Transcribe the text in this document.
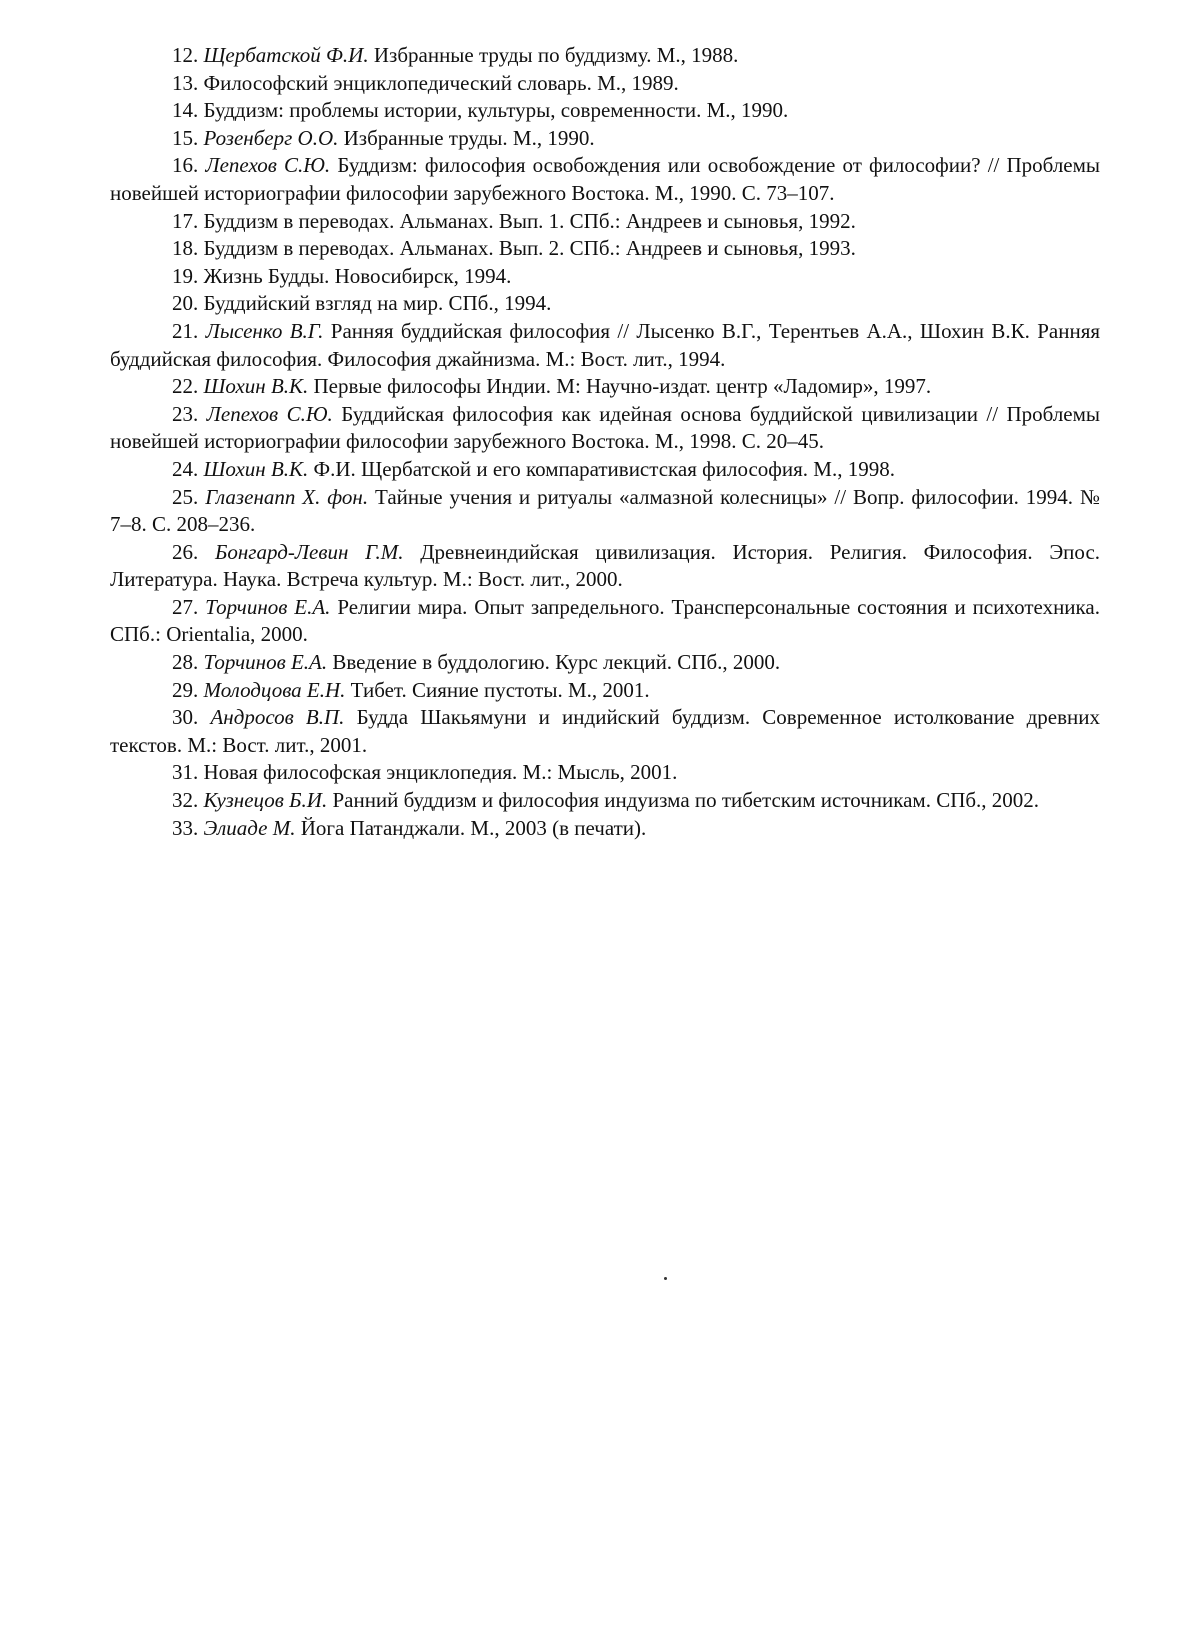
12. Щербатской Ф.И. Избранные труды по буддизму. М., 1988.

13. Философский энциклопедический словарь. М., 1989.

14. Буддизм: проблемы истории, культуры, современности. М., 1990.

15. Розенберг О.О. Избранные труды. М., 1990.

16. Лепехов С.Ю. Буддизм: философия освобождения или освобождение от философии? // Проблемы новейшей историографии философии зарубежного Востока. М., 1990. С. 73–107.

17. Буддизм в переводах. Альманах. Вып. 1. СПб.: Андреев и сыновья, 1992.

18. Буддизм в переводах. Альманах. Вып. 2. СПб.: Андреев и сыновья, 1993.

19. Жизнь Будды. Новосибирск, 1994.

20. Буддийский взгляд на мир. СПб., 1994.

21. Лысенко В.Г. Ранняя буддийская философия // Лысенко В.Г., Терентьев А.А., Шохин В.К. Ранняя буддийская философия. Философия джайнизма. М.: Вост. лит., 1994.

22. Шохин В.К. Первые философы Индии. М: Научно-издат. центр «Ладомир», 1997.

23. Лепехов С.Ю. Буддийская философия как идейная основа буддийской цивилизации // Проблемы новейшей историографии философии зарубежного Востока. М., 1998. С. 20–45.

24. Шохин В.К. Ф.И. Щербатской и его компаративистская философия. М., 1998.

25. Глазенапп Х. фон. Тайные учения и ритуалы «алмазной колесницы» // Вопр. философии. 1994. № 7–8. С. 208–236.

26. Бонгард-Левин Г.М. Древнеиндийская цивилизация. История. Религия. Философия. Эпос. Литература. Наука. Встреча культур. М.: Вост. лит., 2000.

27. Торчинов Е.А. Религии мира. Опыт запредельного. Трансперсональные состояния и психотехника. СПб.: Orientalia, 2000.

28. Торчинов Е.А. Введение в буддологию. Курс лекций. СПб., 2000.

29. Молодцова Е.Н. Тибет. Сияние пустоты. М., 2001.

30. Андросов В.П. Будда Шакьямуни и индийский буддизм. Современное истолкование древних текстов. М.: Вост. лит., 2001.

31. Новая философская энциклопедия. М.: Мысль, 2001.

32. Кузнецов Б.И. Ранний буддизм и философия индуизма по тибетским источникам. СПб., 2002.

33. Элиаде М. Йога Патанджали. М., 2003 (в печати).
